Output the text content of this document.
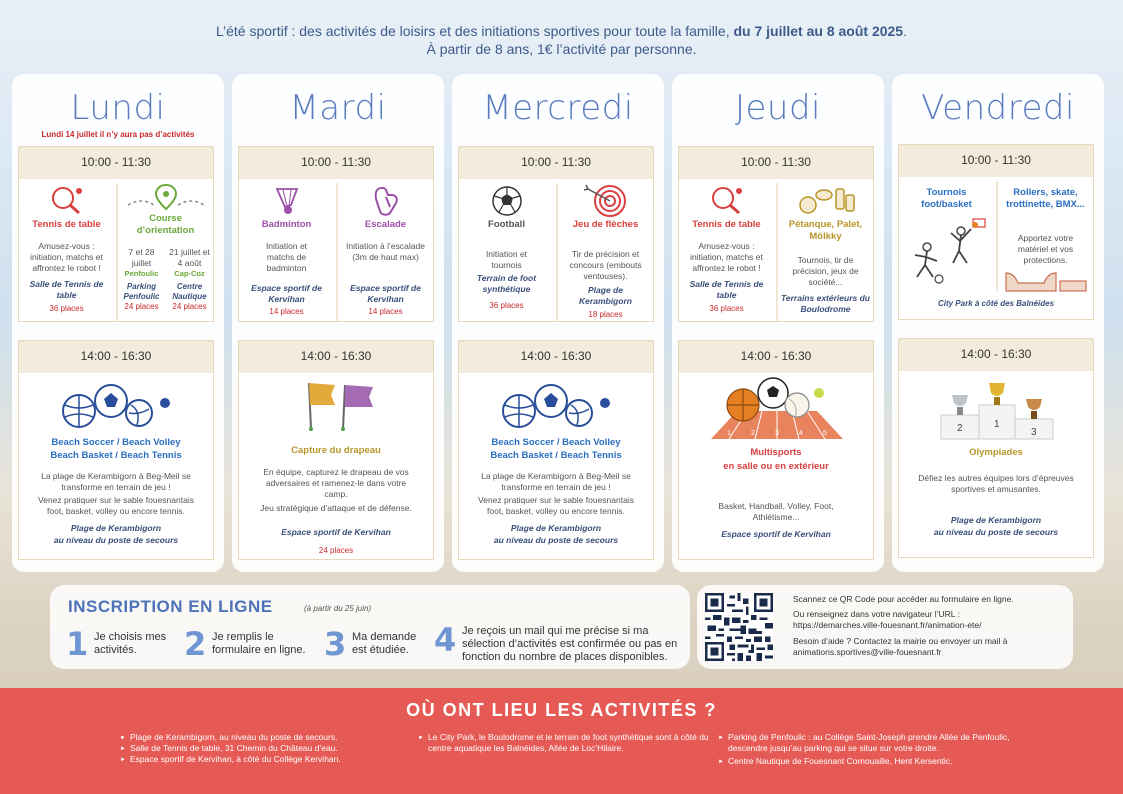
L’été sportif : des activités de loisirs et des initiations sportives pour toute la famille, du 7 juillet au 8 août 2025.
À partir de 8 ans, 1€ l’activité par personne.
Lundi
Lundi 14 juillet il n’y aura pas d’activités
10:00 - 11:30
Tennis de table
Amusez-vous : initiation, matchs et affrontez le robot !
Salle de Tennis de table
36 places
Course d’orientation
7 et 28 juillet
Penfoulic
Parking Penfoulic
24 places
21 juillet et 4 août
Cap-Coz
Centre Nautique
24 places
14:00 - 16:30
Beach Soccer / Beach Volley
Beach Basket / Beach Tennis
La plage de Kerambigorn à Beg-Meil se transforme en terrain de jeu !
Venez pratiquer sur le sable fouesnantais foot, basket, volley ou encore tennis.
Plage de Kerambigorn
au niveau du poste de secours
Mardi
10:00 - 11:30
Badminton
Initiation et matchs de badminton
Espace sportif de Kervihan
14 places
Escalade
Initiation à l’escalade (3m de haut max)
Espace sportif de Kervihan
14 places
14:00 - 16:30
Capture du drapeau
En équipe, capturez le drapeau de vos adversaires et ramenez-le dans votre camp.
Jeu stratégique d’attaque et de défense.
Espace sportif de Kervihan
24 places
Mercredi
10:00 - 11:30
Football
Initiation et tournois
Terrain de foot synthétique
36 places
Jeu de flèches
Tir de précision et concours (embouts ventouses).
Plage de Kerambigorn
18 places
14:00 - 16:30
Beach Soccer / Beach Volley
Beach Basket / Beach Tennis
La plage de Kerambigorn à Beg-Meil se transforme en terrain de jeu !
Venez pratiquer sur le sable fouesnantais foot, basket, volley ou encore tennis.
Plage de Kerambigorn
au niveau du poste de secours
Jeudi
10:00 - 11:30
Tennis de table
Amusez-vous : initiation, matchs et affrontez le robot !
Salle de Tennis de table
36 places
Pétanque, Palet, Mölkky
Tournois, tir de précision, jeux de société...
Terrains extérieurs du Boulodrome
14:00 - 16:30
1	2	3	4	5
Multisports
en salle ou en extérieur
Basket, Handball, Volley, Foot, Athlétisme...
Espace sportif de Kervihan
Vendredi
10:00 - 11:30
Tournois foot/basket
Rollers, skate, trottinette, BMX...
Apportez votre matériel et vos protections.
City Park à côté des Balnéides
14:00 - 16:30
1
2	3
Olympiades
Défiez les autres équipes lors d’épreuves sportives et amusantes.
Plage de Kerambigorn
au niveau du poste de secours
INSCRIPTION EN LIGNE	(à partir du 25 juin)
1 Je choisis mes activités.	2 Je remplis le formulaire en ligne. 3 Ma demande est étudiée. 4 Je reçois un mail qui me précise si ma sélection d’activités est confirmée ou pas en fonction du nombre de places disponibles.
Scannez ce QR Code pour accéder au formulaire en ligne.
Ou renseignez dans votre navigateur l’URL :
https://demarches.ville-fouesnant.fr/animation-ete/
Besoin d’aide ? Contactez la mairie ou envoyer un mail à
animations.sportives@ville-fouesnant.fr
OÙ ONT LIEU LES ACTIVITÉS ?
► Plage de Kerambigorn, au niveau du poste de secours.
► Salle de Tennis de table, 31 Chemin du Château d’eau.
► Espace sportif de Kervihan, à côté du Collège Kervihan.
► Le City Park, le Boulodrome et le terrain de foot synthétique sont à côté du centre aquatique les Balnéides, Allée de Loc’Hilaire.
► Parking de Penfoulic : au Collège Saint-Joseph prendre Allée de Penfoulic, descendre jusqu’au parking qui se situe sur votre droite.
► Centre Nautique de Fouesnant Cornouaille, Hent Kersentic.
